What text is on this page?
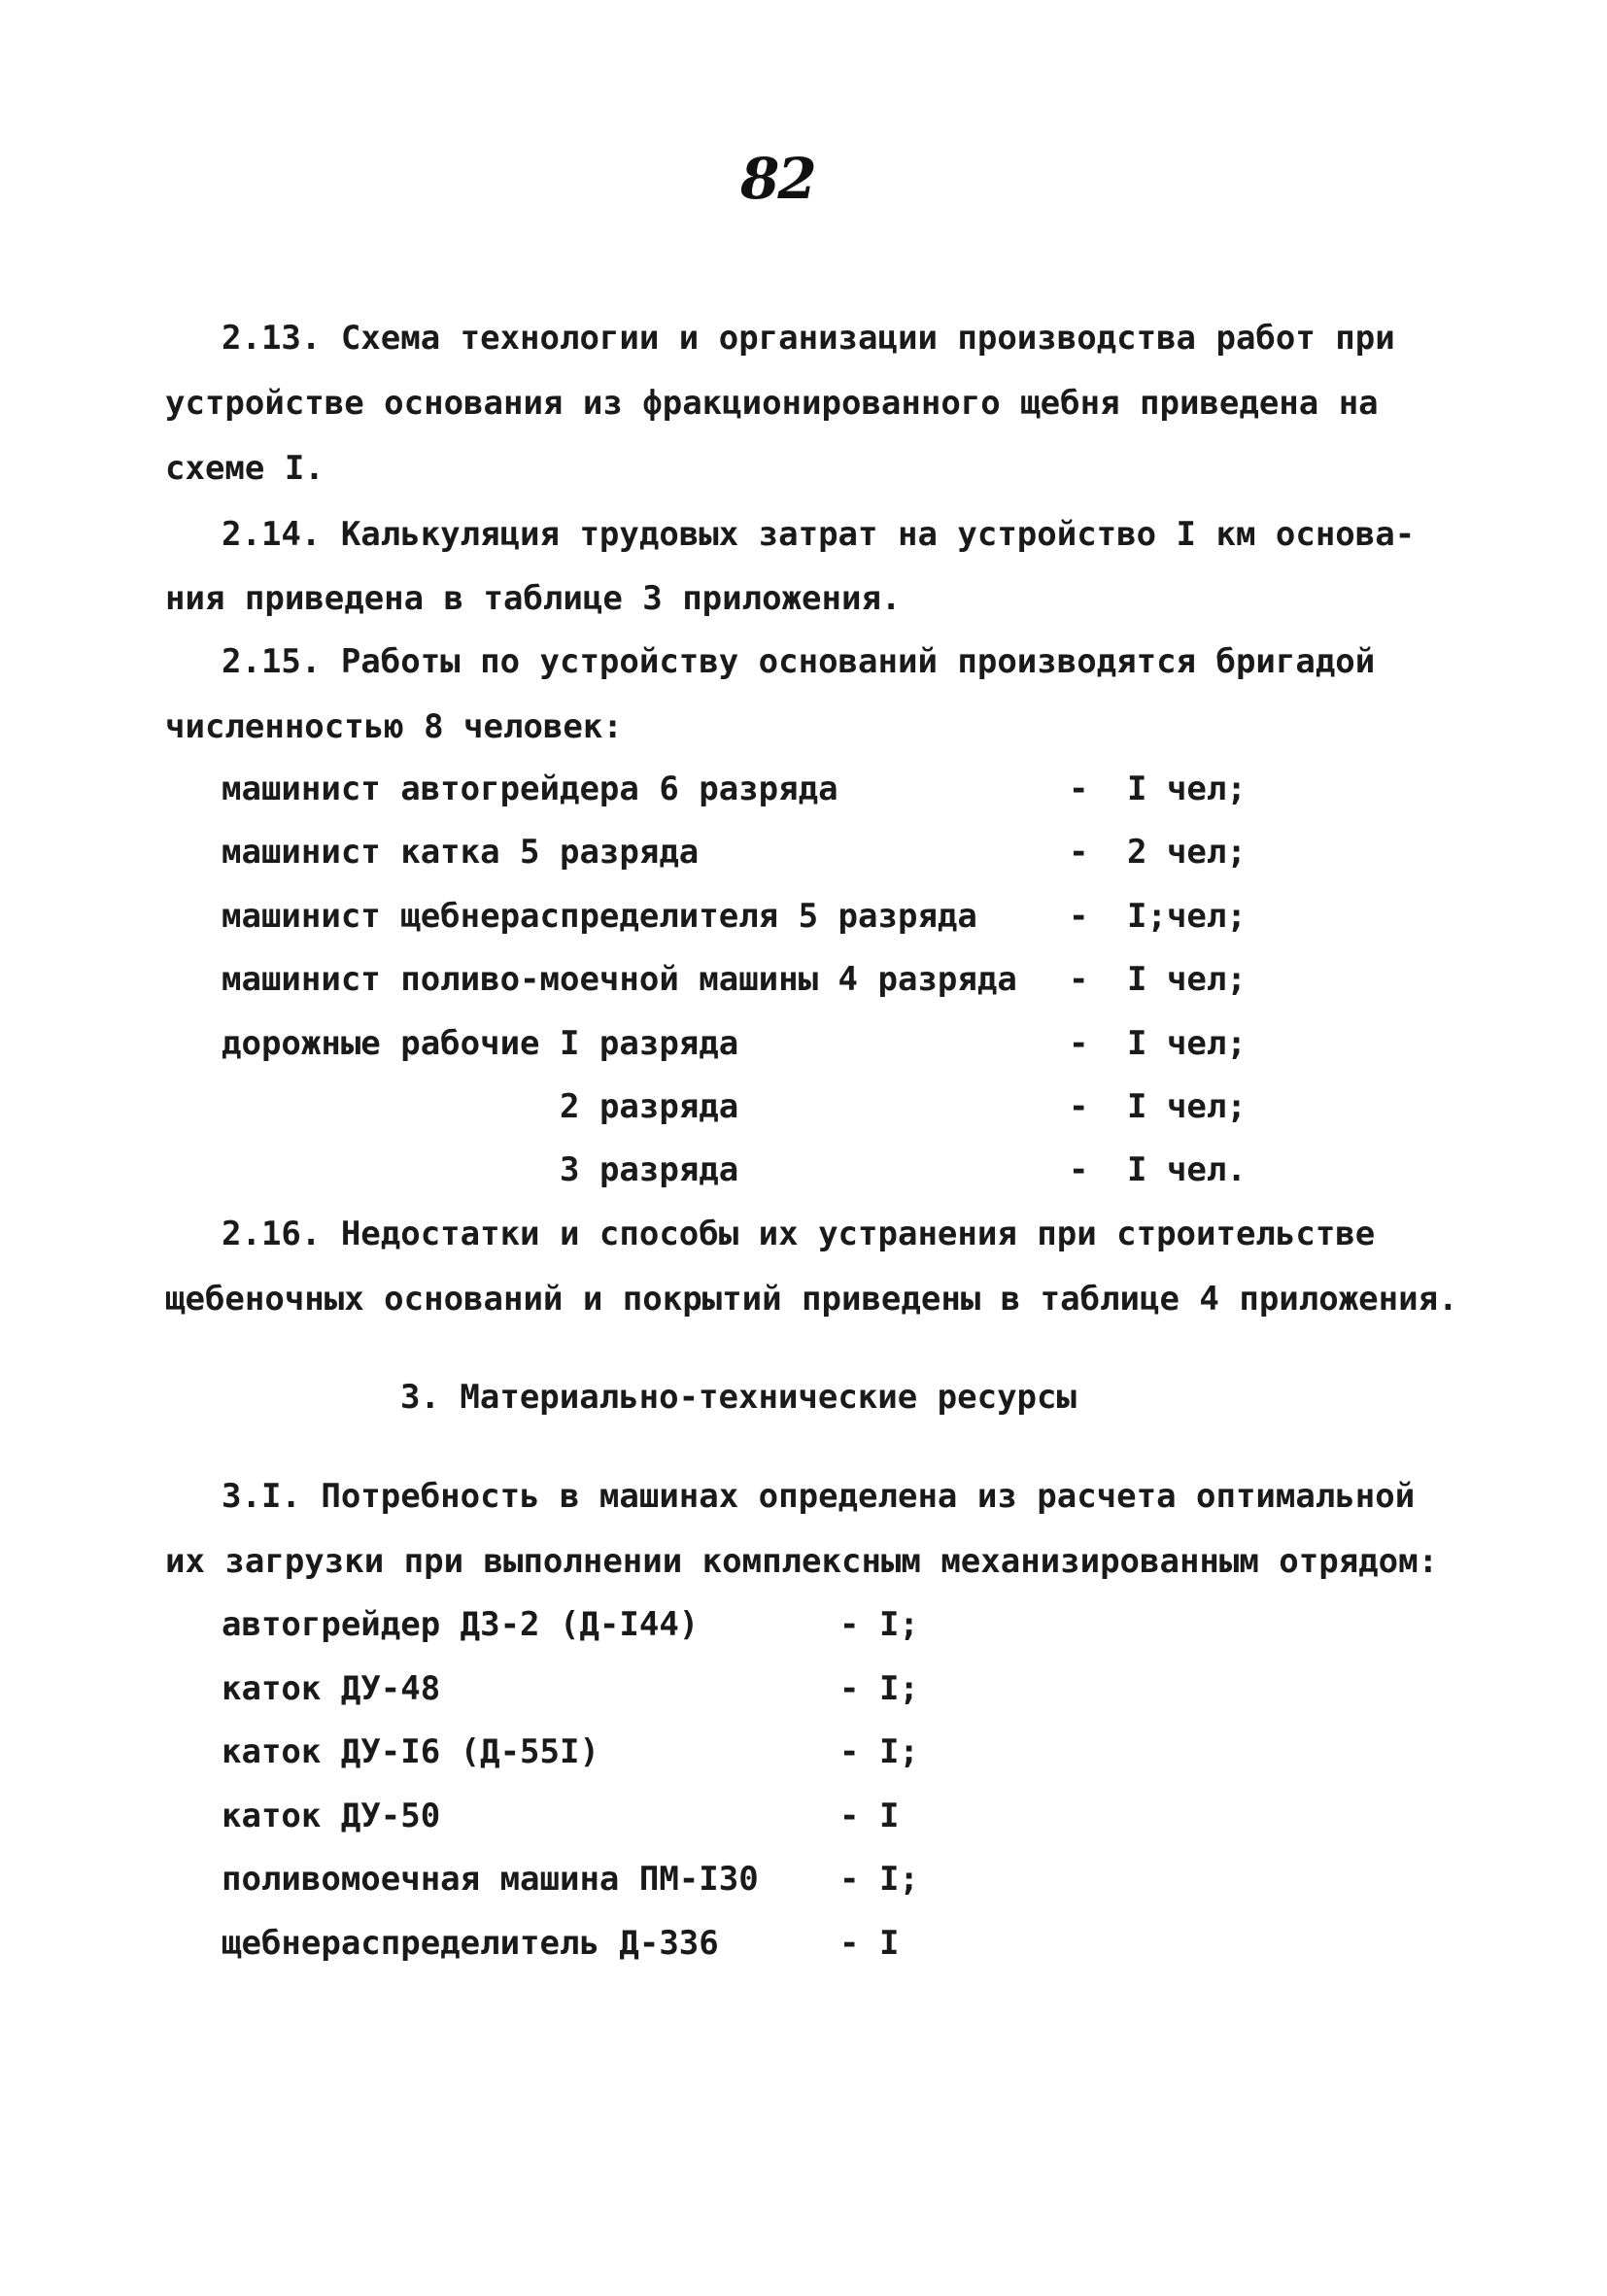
82
2.13. Схема технологии и организации производства работ при
устройстве основания из фракционированного щебня приведена на
схеме I.
2.14. Калькуляция трудовых затрат на устройство I км основа-
ния приведена в таблице 3 приложения.
2.15. Работы по устройству оснований производятся бригадой
численностью 8 человек:
машинист автогрейдера 6 разряда	- I чел;
машинист катка 5 разряда	- 2 чел;
машинист щебнераспределителя 5 разряда	- I;чел;
машинист поливо-моечной машины 4 разряда - I чел;
дорожные рабочие I разряда	- I чел;
2 разряда	- I чел;
3 разряда	- I чел.
2.16. Недостатки и способы их устранения при строительстве
щебеночных оснований и покрытий приведены в таблице 4 приложения.
3. Материально-технические ресурсы
3.I. Потребность в машинах определена из расчета оптимальной
их загрузки при выполнении комплексным механизированным отрядом:
автогрейдер ДЗ-2 (Д-I44)	- I;
каток ДУ-48	- I;
каток ДУ-I6 (Д-55I)	- I;
каток ДУ-50	- I
поливомоечная машина ПМ-I30 - I;
щебнераспределитель Д-336	- I
